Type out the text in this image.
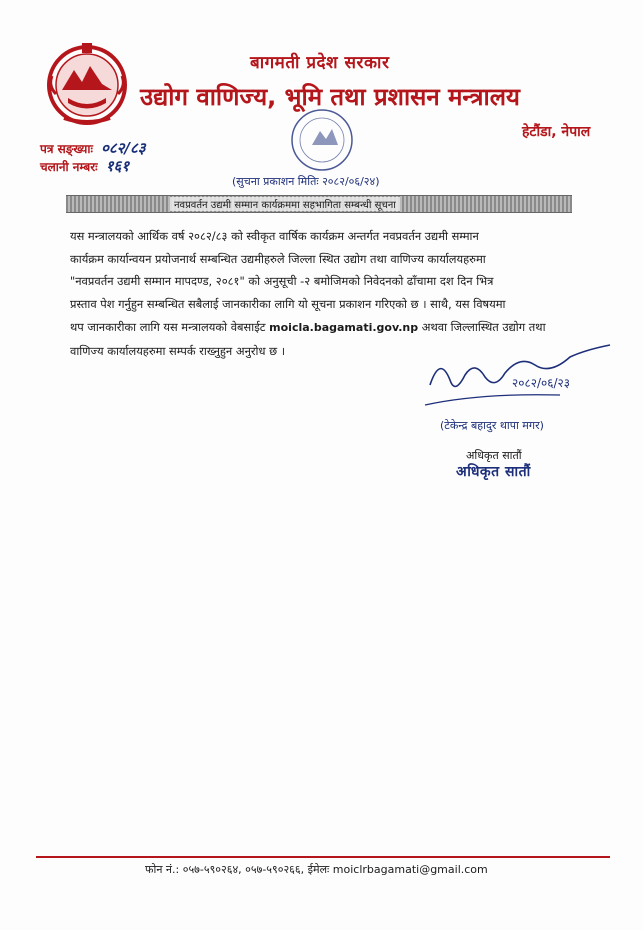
बागमती प्रदेश सरकार
उद्योग वाणिज्य, भूमि तथा प्रशासन मन्त्रालय
हेटौंडा, नेपाल
पत्र सङ्ख्याः ०८२/८३
चलानी नम्बरः १६१
(सुचना प्रकाशन मितिः २०८२/०६/२४)
नवप्रवर्तन उद्यमी सम्मान कार्यक्रममा सहभागिता सम्बन्धी सूचना
यस मन्त्रालयको आर्थिक वर्ष २०८२/८३ को स्वीकृत वार्षिक कार्यक्रम अन्तर्गत नवप्रवर्तन उद्यमी सम्मान
कार्यक्रम कार्यान्वयन प्रयोजनार्थ सम्बन्धित उद्यमीहरुले जिल्ला स्थित उद्योग तथा वाणिज्य कार्यालयहरुमा
"नवप्रवर्तन उद्यमी सम्मान मापदण्ड, २०८१" को अनुसूची -२ बमोजिमको निवेदनको ढाँचामा दश दिन भित्र
प्रस्ताव पेश गर्नुहुन सम्बन्धित सबैलाई जानकारीका लागि यो सूचना प्रकाशन गरिएको छ । साथै, यस विषयमा
थप जानकारीका लागि यस मन्त्रालयको वेबसाईट moicla.bagamati.gov.np अथवा जिल्लास्थित उद्योग तथा
वाणिज्य कार्यालयहरुमा सम्पर्क राख्नुहुन अनुरोध छ ।
२०८२/०६/२३
(टेकेन्द्र बहादुर थापा मगर)
अधिकृत सातौं
अधिकृत सातौं
फोन नं.: ०५७-५९०२६४, ०५७-५९०२६६, ईमेलः moiclrbagamati@gmail.com
